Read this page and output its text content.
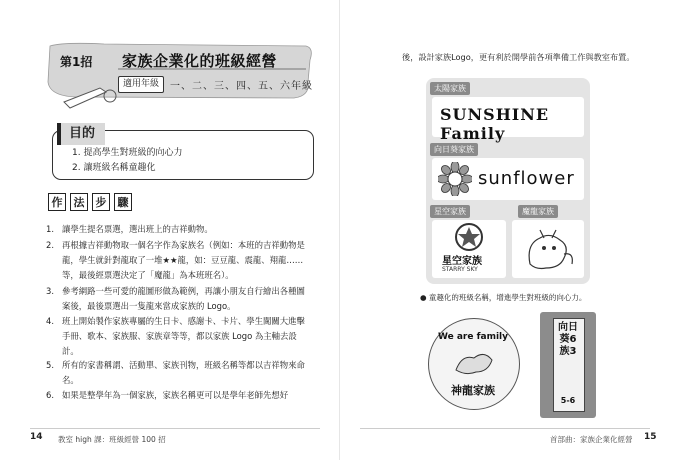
第1招 家族企業化的班級經營
適用年級	一、二、三、四、五、六年級
目的
1. 提高學生對班級的向心力
2. 讓班級名稱童趣化
作	法	步	驟
1. 讓學生提名票選，選出班上的吉祥動物。
2. 再根據吉祥動物取一個名字作為家族名（例如：本班的吉祥動物是龍，學生就針對龍取了一堆★★龍，如：豆豆龍、震龍、翔龍……等，最後經票選決定了「魔龍」為本班班名）。
3. 參考網路一些可愛的龍圖形做為範例，再讓小朋友自行繪出各種圖案後，最後票選出一隻龍來當成家族的 Logo。
4. 班上開始製作家族專屬的生日卡、感謝卡、卡片、學生闖關大進擊手冊、歌本、家族服、家族章等等，都以家族 Logo 為主軸去設計。
5. 所有的家書稱謂、活動單、家族刊物，班級名稱等都以吉祥物來命名。
6. 如果是整學年為一個家族，家族名稱更可以是學年老師先想好
14 教室 high 課：班級經營 100 招
後，設計家族Logo，更有利於開學前各項準備工作與教室布置。
太陽家族
SUNSHINE Family
向日葵家族
sunflower
星空家族
星空家族
STARRY SKY
魔龍家族
● 童趣化的班級名稱，增進學生對班級的向心力。
We are family
神龍家族
向日葵6族3
5-6
首部曲：家族企業化經營 15
